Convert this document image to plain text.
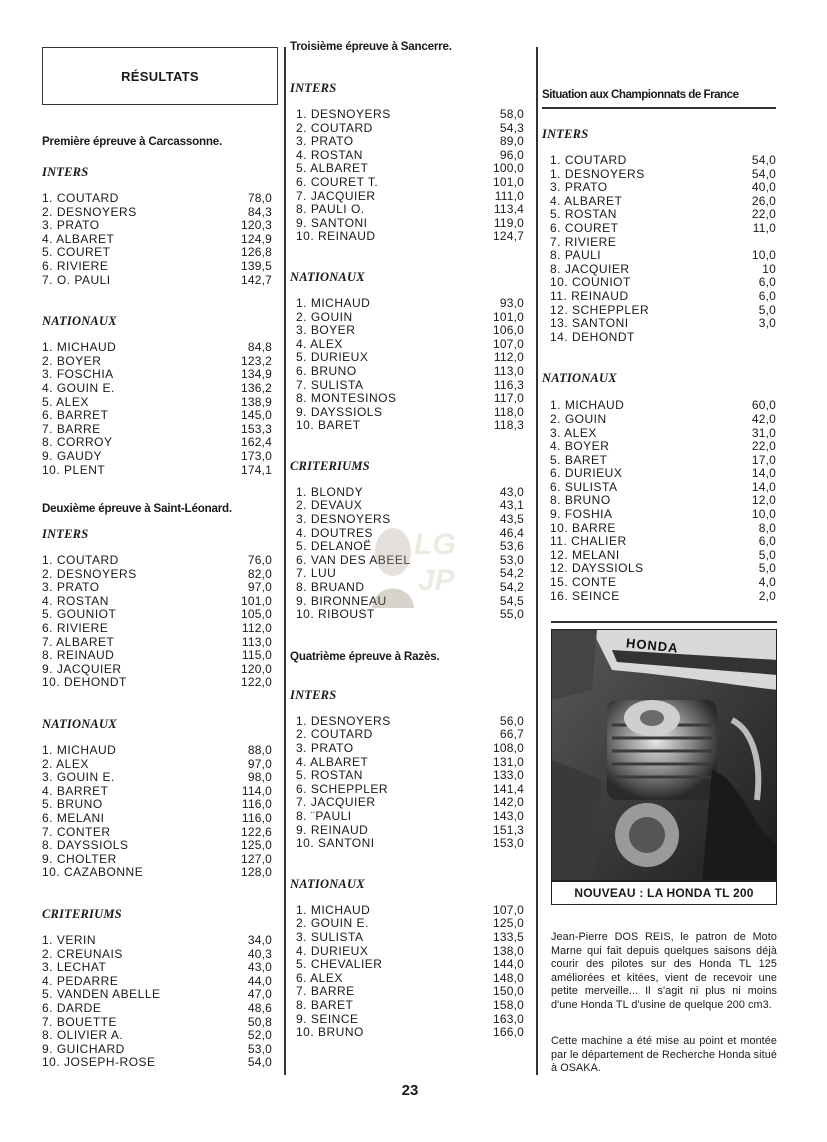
RÉSULTATS
Première épreuve à Carcassonne.
INTERS
1. COUTARD	78,0
2. DESNOYERS	84,3
3. PRATO	120,3
4. ALBARET	124,9
5. COURET	126,8
6. RIVIERE	139,5
7. O. PAULI	142,7
NATIONAUX
1. MICHAUD	84,8
2. BOYER	123,2
3. FOSCHIA	134,9
4. GOUIN E.	136,2
5. ALEX	138,9
6. BARRET	145,0
7. BARRE	153,3
8. CORROY	162,4
9. GAUDY	173,0
10. PLENT	174,1
Deuxième épreuve à Saint-Léonard.
INTERS
1. COUTARD	76,0
2. DESNOYERS	82,0
3. PRATO	97,0
4. ROSTAN	101,0
5. GOUNIOT	105,0
6. RIVIERE	112,0
7. ALBARET	113,0
8. REINAUD	115,0
9. JACQUIER	120,0
10. DEHONDT	122,0
NATIONAUX
1. MICHAUD	88,0
2. ALEX	97,0
3. GOUIN E.	98,0
4. BARRET	114,0
5. BRUNO	116,0
6. MELANI	116,0
7. CONTER	122,6
8. DAYSSIOLS	125,0
9. CHOLTER	127,0
10. CAZABONNE	128,0
CRITERIUMS
1. VERIN	34,0
2. CREUNAIS	40,3
3. LECHAT	43,0
4. PEDARRE	44,0
5. VANDEN ABELLE	47,0
6. DARDE	48,6
7. BOUETTE	50,8
8. OLIVIER A.	52,0
9. GUICHARD	53,0
10. JOSEPH-ROSE	54,0
Troisième épreuve à Sancerre.
INTERS
1. DESNOYERS	58,0
2. COUTARD	54,3
3. PRATO	89,0
4. ROSTAN	96,0
5. ALBARET	100,0
6. COURET T.	101,0
7. JACQUIER	111,0
8. PAULI O.	113,4
9. SANTONI	119,0
10. REINAUD	124,7
NATIONAUX
1. MICHAUD	93,0
2. GOUIN	101,0
3. BOYER	106,0
4. ALEX	107,0
5. DURIEUX	112,0
6. BRUNO	113,0
7. SULISTA	116,3
8. MONTESINOS	117,0
9. DAYSSIOLS	118,0
10. BARET	118,3
CRITERIUMS
1. BLONDY	43,0
2. DEVAUX	43,1
3. DESNOYERS	43,5
4. DOUTRES	46,4
5. DELANOË	53,6
6. VAN DES ABEEL	53,0
7. LUU	54,2
8. BRUAND	54,2
9. BIRONNEAU	54,5
10. RIBOUST	55,0
Quatrième épreuve à Razès.
INTERS
1. DESNOYERS	56,0
2. COUTARD	66,7
3. PRATO	108,0
4. ALBARET	131,0
5. ROSTAN	133,0
6. SCHEPPLER	141,4
7. JACQUIER	142,0
8. ¨PAULI	143,0
9. REINAUD	151,3
10. SANTONI	153,0
NATIONAUX
1. MICHAUD	107,0
2. GOUIN E.	125,0
3. SULISTA	133,5
4. DURIEUX	138,0
5. CHEVALIER	144,0
6. ALEX	148,0
7. BARRE	150,0
8. BARET	158,0
9. SEINCE	163,0
10. BRUNO	166,0
LG
JP
Situation aux Championnats de France
INTERS
1. COUTARD	54,0
1. DESNOYERS	54,0
3. PRATO	40,0
4. ALBARET	26,0
5. ROSTAN	22,0
6. COURET	11,0
7. RIVIERE
8. PAULI	10,0
8. JACQUIER	10
10. COUNIOT	6,0
11. REINAUD	6,0
12. SCHEPPLER	5,0
13. SANTONI	3,0
14. DEHONDT
NATIONAUX
1. MICHAUD	60,0
2. GOUIN	42,0
3. ALEX	31,0
4. BOYER	22,0
5. BARET	17,0
6. DURIEUX	14,0
6. SULISTA	14,0
8. BRUNO	12,0
9. FOSHIA	10,0
10. BARRE	8,0
11. CHALIER	6,0
12. MELANI	5,0
12. DAYSSIOLS	5,0
15. CONTE	4,0
16. SEINCE	2,0
HONDA
NOUVEAU : LA HONDA TL 200
Jean-Pierre DOS REIS, le patron de Moto Marne qui fait depuis quelques saisons déjà courir des pilotes sur des Honda TL 125 améliorées et kitées, vient de recevoir une petite merveille... Il s'agit ni plus ni moins d'une Honda TL d'usine de quelque 200 cm3.
Cette machine a été mise au point et montée par le département de Recherche Honda situé à OSAKA.
23
